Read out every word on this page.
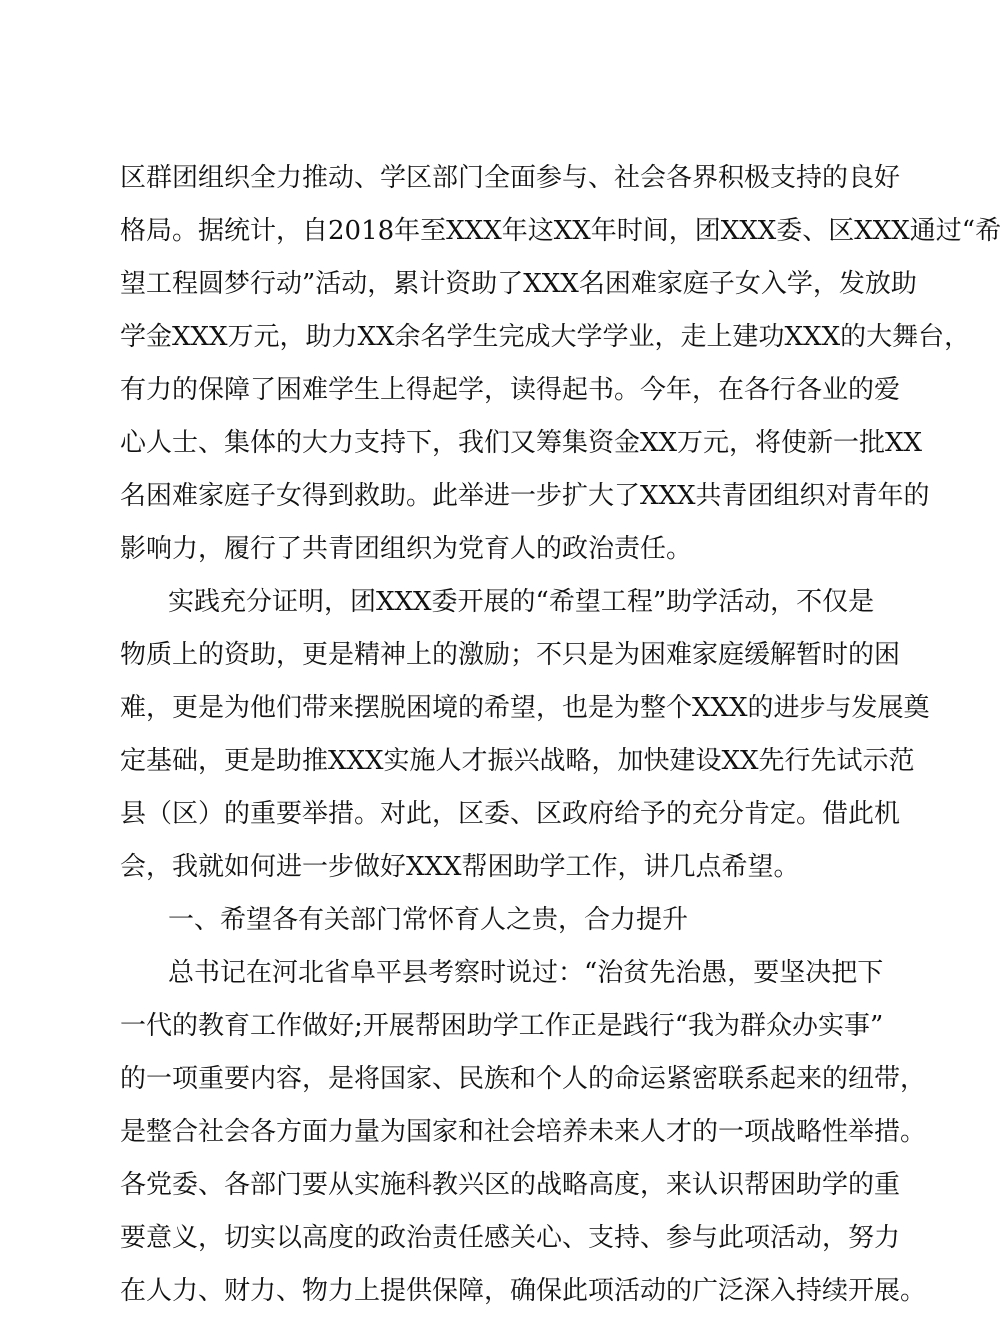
区群团组织全力推动、学区部门全面参与、社会各界积极支持的良好
格局。据统计，自2018年至XXX年这XX年时间，团XXX委、区XXX通过“希
望工程圆梦行动”活动，累计资助了XXX名困难家庭子女入学，发放助
学金XXX万元，助力XX余名学生完成大学学业，走上建功XXX的大舞台，
有力的保障了困难学生上得起学，读得起书。今年，在各行各业的爱
心人士、集体的大力支持下，我们又筹集资金XX万元，将使新一批XX
名困难家庭子女得到救助。此举进一步扩大了XXX共青团组织对青年的
影响力，履行了共青团组织为党育人的政治责任。
实践充分证明，团XXX委开展的“希望工程”助学活动，不仅是
物质上的资助，更是精神上的激励；不只是为困难家庭缓解暂时的困
难，更是为他们带来摆脱困境的希望，也是为整个XXX的进步与发展奠
定基础，更是助推XXX实施人才振兴战略，加快建设XX先行先试示范
县（区）的重要举措。对此，区委、区政府给予的充分肯定。借此机
会，我就如何进一步做好XXX帮困助学工作，讲几点希望。
一、希望各有关部门常怀育人之贵，合力提升
总书记在河北省阜平县考察时说过：“治贫先治愚，要坚决把下
一代的教育工作做好;开展帮困助学工作正是践行“我为群众办实事”
的一项重要内容，是将国家、民族和个人的命运紧密联系起来的纽带，
是整合社会各方面力量为国家和社会培养未来人才的一项战略性举措。
各党委、各部门要从实施科教兴区的战略高度，来认识帮困助学的重
要意义，切实以高度的政治责任感关心、支持、参与此项活动，努力
在人力、财力、物力上提供保障，确保此项活动的广泛深入持续开展。
